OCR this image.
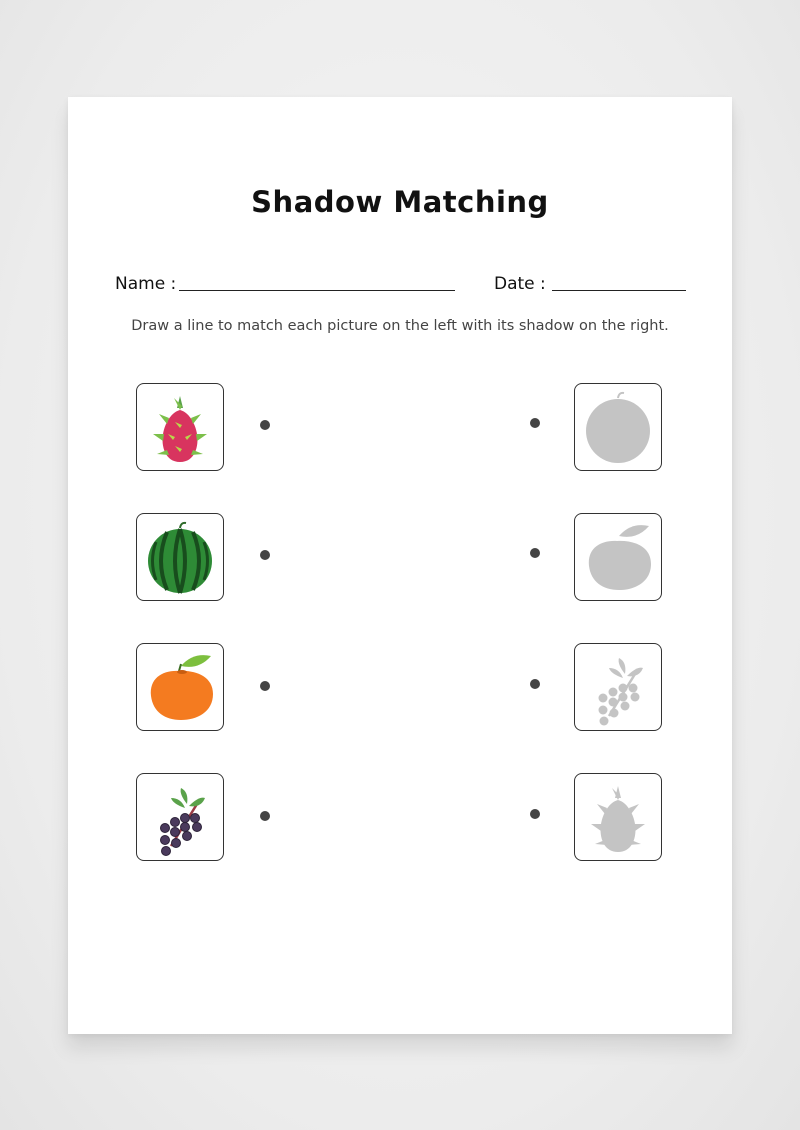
Shadow Matching
Name :	Date :
Draw a line to match each picture on the left with its shadow on the right.
